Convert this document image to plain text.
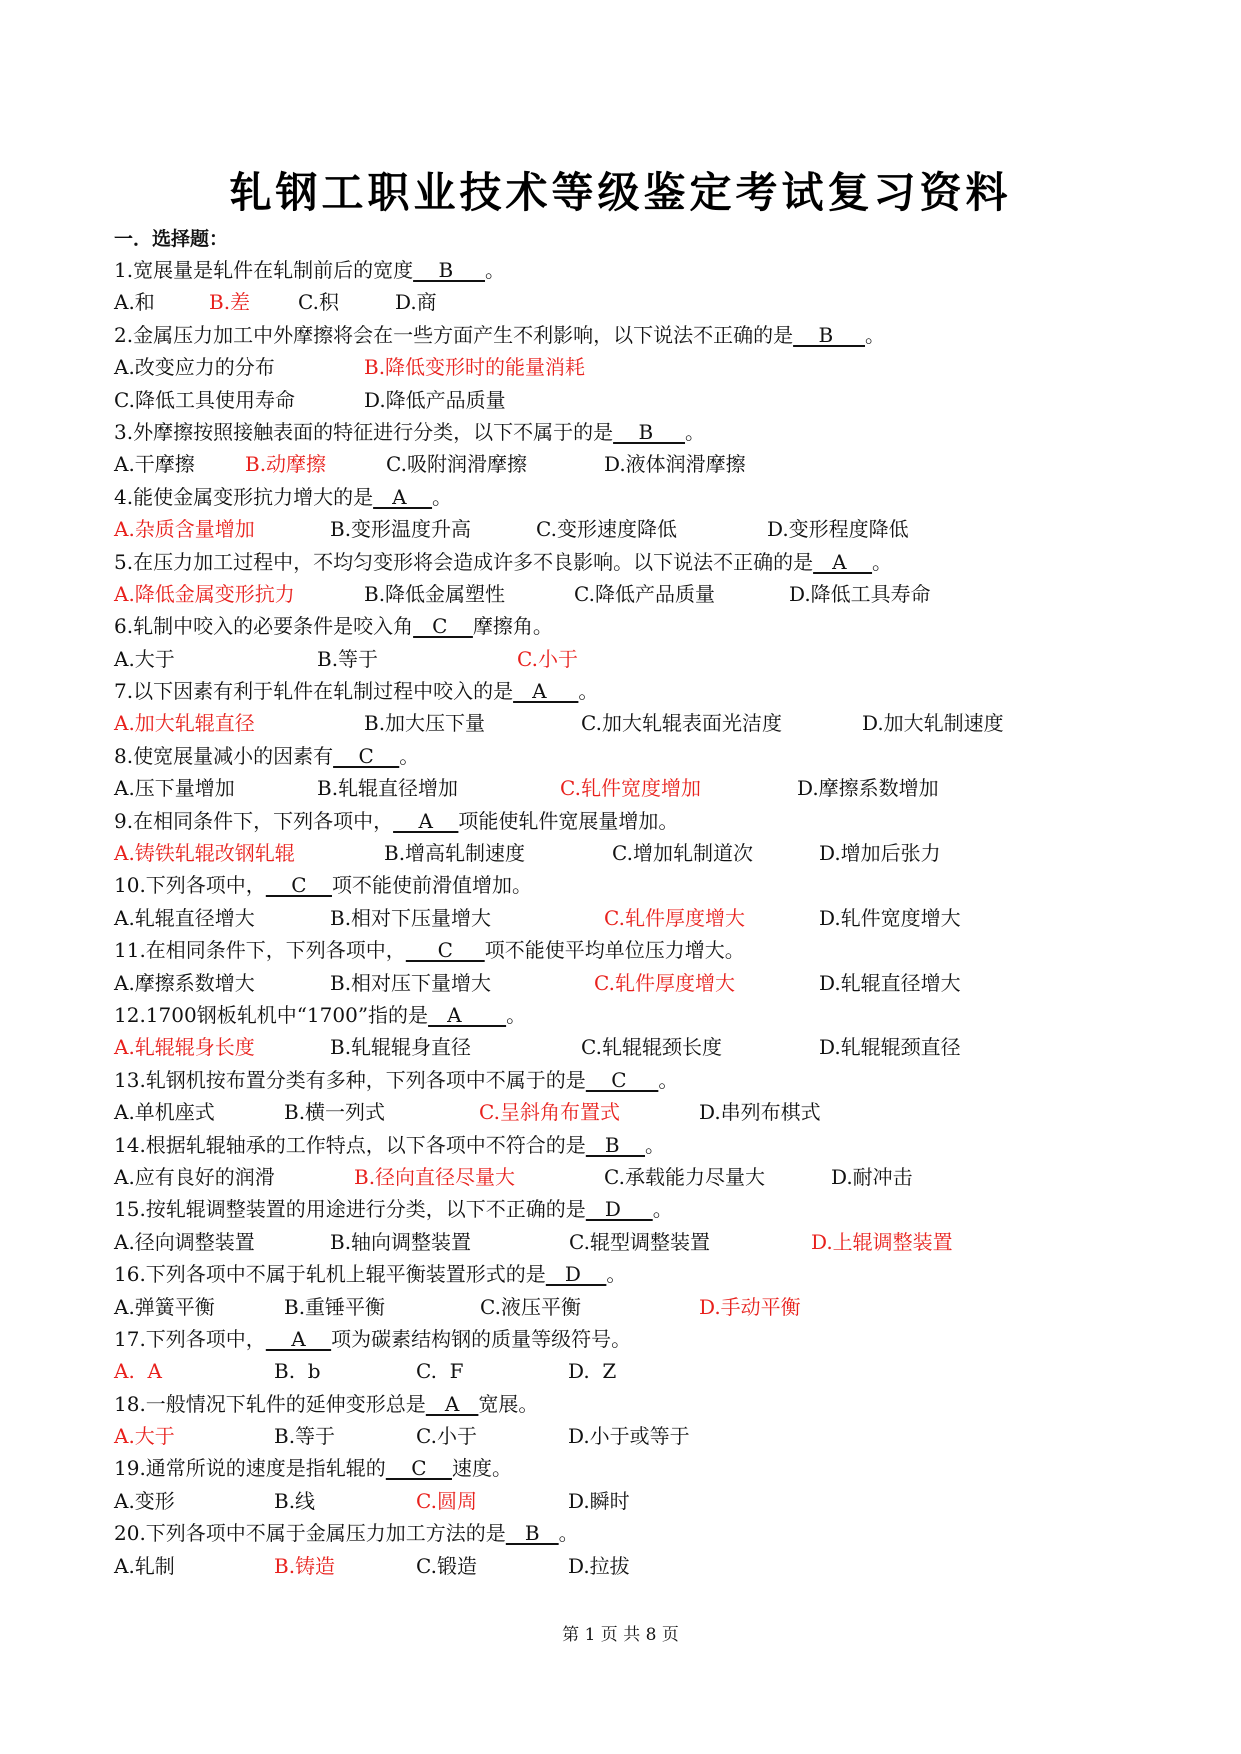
轧钢工职业技术等级鉴定考试复习资料
一．选择题：
1.宽展量是轧件在轧制前后的宽度    B     。
A.和	B.差 C.积	D.商
2.金属压力加工中外摩擦将会在一些方面产生不利影响，以下说法不正确的是    B     。
A.改变应力的分布	B.降低变形时的能量消耗
C.降低工具使用寿命	D.降低产品质量
3.外摩擦按照接触表面的特征进行分类，以下不属于的是    B     。
A.干摩擦	B.动摩擦	C.吸附润滑摩擦	D.液体润滑摩擦
4.能使金属变形抗力增大的是   A    。
A.杂质含量增加	B.变形温度升高	C.变形速度降低	D.变形程度降低
5.在压力加工过程中，不均匀变形将会造成许多不良影响。以下说法不正确的是   A    。
A.降低金属变形抗力	B.降低金属塑性	C.降低产品质量	D.降低工具寿命
6.轧制中咬入的必要条件是咬入角   C    摩擦角。
A.大于	B.等于	C.小于
7.以下因素有利于轧件在轧制过程中咬入的是   A     。
A.加大轧辊直径	B.加大压下量	C.加大轧辊表面光洁度	D.加大轧制速度
8.使宽展量减小的因素有    C    。
A.压下量增加	B.轧辊直径增加	C.轧件宽度增加	D.摩擦系数增加
9.在相同条件下，下列各项中，    A    项能使轧件宽展量增加。
A.铸铁轧辊改钢轧辊	B.增高轧制速度	C.增加轧制道次	D.增加后张力
10.下列各项中，    C    项不能使前滑值增加。
A.轧辊直径增大	B.相对下压量增大	C.轧件厚度增大	D.轧件宽度增大
11.在相同条件下，下列各项中，     C     项不能使平均单位压力增大。
A.摩擦系数增大	B.相对压下量增大	C.轧件厚度增大	D.轧辊直径增大
12.1700钢板轧机中“1700”指的是   A       。
A.轧辊辊身长度	B.轧辊辊身直径	C.轧辊辊颈长度	D.轧辊辊颈直径
13.轧钢机按布置分类有多种，下列各项中不属于的是    C     。
A.单机座式	B.横一列式	C.呈斜角布置式	D.串列布棋式
14.根据轧辊轴承的工作特点，以下各项中不符合的是   B    。
A.应有良好的润滑	B.径向直径尽量大	C.承载能力尽量大	D.耐冲击
15.按轧辊调整装置的用途进行分类，以下不正确的是   D     。
A.径向调整装置	B.轴向调整装置	C.辊型调整装置	D.上辊调整装置
16.下列各项中不属于轧机上辊平衡装置形式的是   D    。
A.弹簧平衡	B.重锤平衡	C.液压平衡	D.手动平衡
17.下列各项中，    A    项为碳素结构钢的质量等级符号。
A.  A	B.  b	C.  F	D.  Z
18.一般情况下轧件的延伸变形总是   A   宽展。
A.大于	B.等于	C.小于	D.小于或等于
19.通常所说的速度是指轧辊的    C    速度。
A.变形	B.线	C.圆周	D.瞬时
20.下列各项中不属于金属压力加工方法的是   B   。
A.轧制	B.铸造	C.锻造	D.拉拔
第 1 页 共 8 页
